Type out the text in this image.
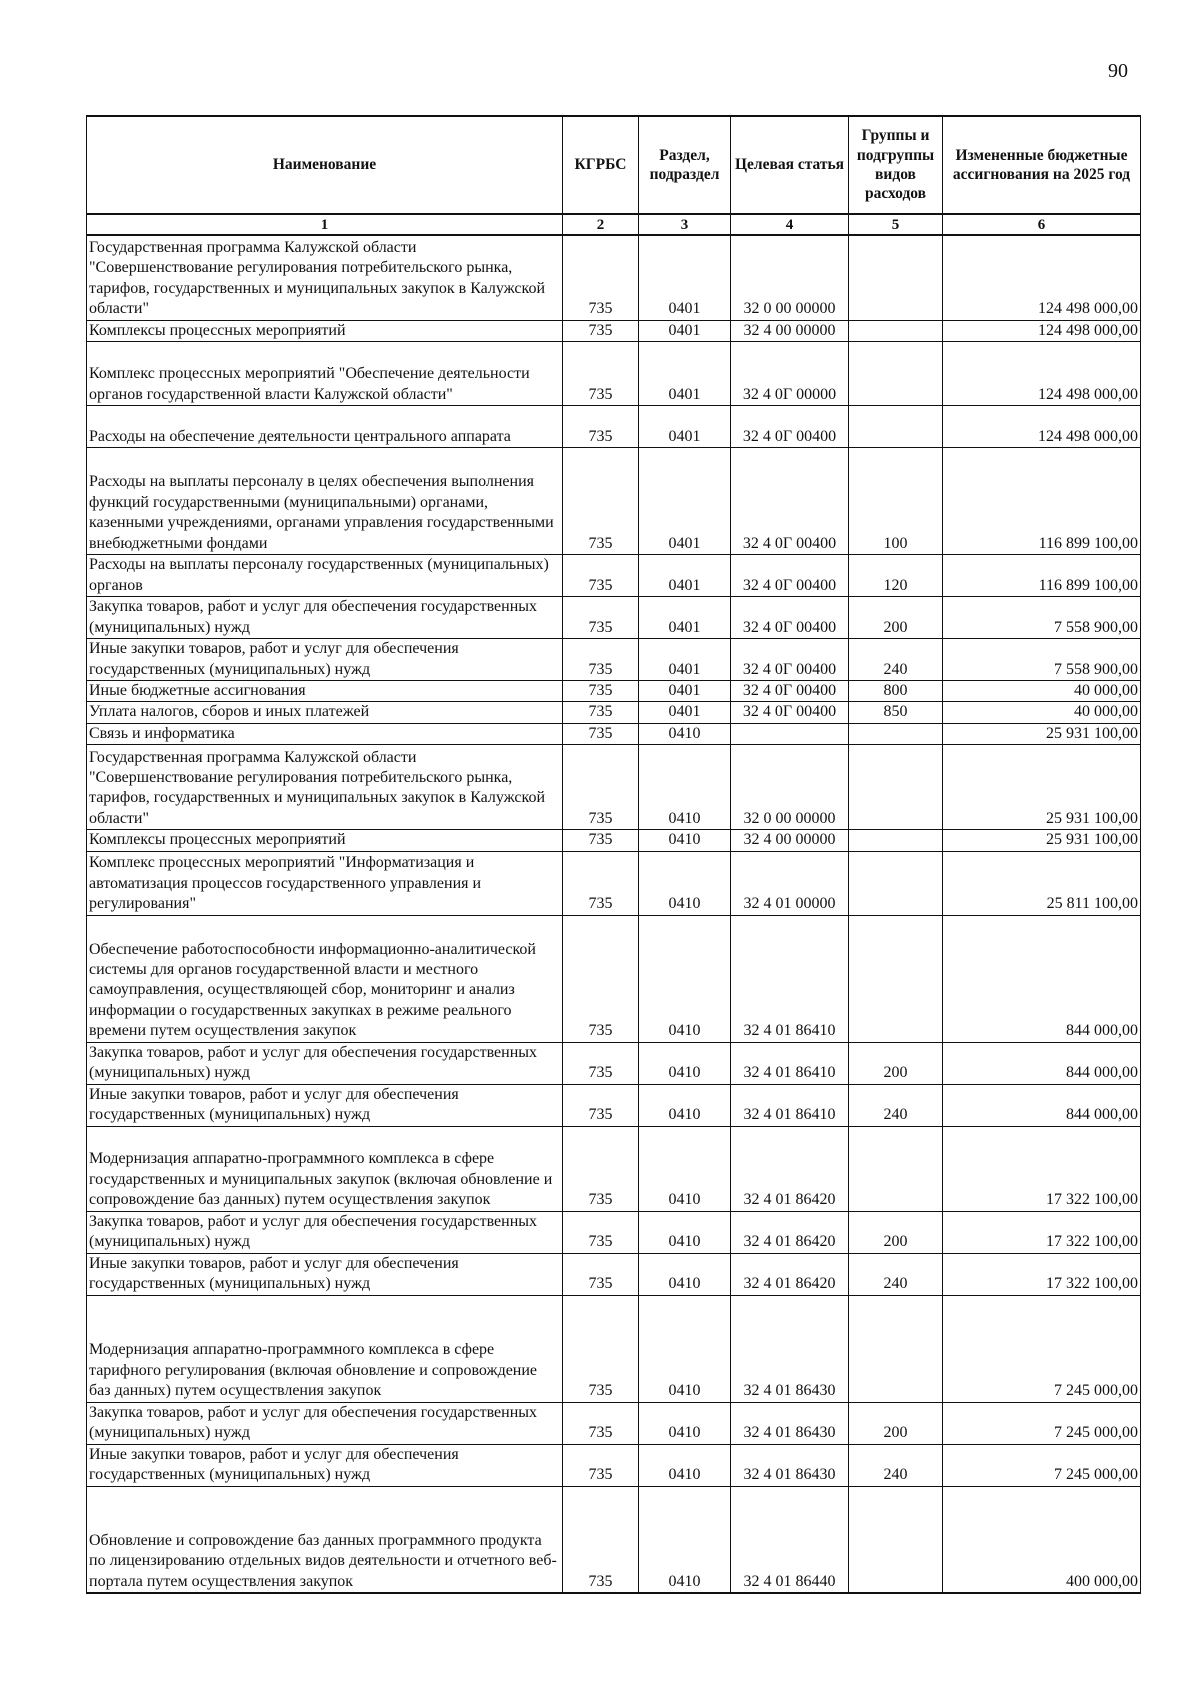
90
Наименование	КГРБС	Раздел, подраздел	Целевая статья	Группы и подгруппы видов расходов	Измененные бюджетные ассигнования на 2025 год
1	2	3	4	5	6
Государственная программа Калужской области "Совершенствование регулирования потребительского рынка, тарифов, государственных и муниципальных закупок в Калужской области"	735	0401	32 0 00 00000		124 498 000,00
Комплексы процессных мероприятий	735	0401	32 4 00 00000		124 498 000,00
Комплекс процессных мероприятий "Обеспечение деятельности органов государственной власти Калужской области"	735	0401	32 4 0Г 00000		124 498 000,00
Расходы на обеспечение деятельности центрального аппарата	735	0401	32 4 0Г 00400		124 498 000,00
Расходы на выплаты персоналу в целях обеспечения выполнения функций государственными (муниципальными) органами, казенными учреждениями, органами управления государственными внебюджетными фондами	735	0401	32 4 0Г 00400	100	116 899 100,00
Расходы на выплаты персоналу государственных (муниципальных) органов	735	0401	32 4 0Г 00400	120	116 899 100,00
Закупка товаров, работ и услуг для обеспечения государственных (муниципальных) нужд	735	0401	32 4 0Г 00400	200	7 558 900,00
Иные закупки товаров, работ и услуг для обеспечения государственных (муниципальных) нужд	735	0401	32 4 0Г 00400	240	7 558 900,00
Иные бюджетные ассигнования	735	0401	32 4 0Г 00400	800	40 000,00
Уплата налогов, сборов и иных платежей	735	0401	32 4 0Г 00400	850	40 000,00
Связь и информатика	735	0410			25 931 100,00
Государственная программа Калужской области "Совершенствование регулирования потребительского рынка, тарифов, государственных и муниципальных закупок в Калужской области"	735	0410	32 0 00 00000		25 931 100,00
Комплексы процессных мероприятий	735	0410	32 4 00 00000		25 931 100,00
Комплекс процессных мероприятий "Информатизация и автоматизация процессов государственного управления и регулирования"	735	0410	32 4 01 00000		25 811 100,00
Обеспечение работоспособности информационно-аналитической системы для органов государственной власти и местного самоуправления, осуществляющей сбор, мониторинг и анализ информации о государственных закупках в режиме реального времени путем осуществления закупок	735	0410	32 4 01 86410		844 000,00
Закупка товаров, работ и услуг для обеспечения государственных (муниципальных) нужд	735	0410	32 4 01 86410	200	844 000,00
Иные закупки товаров, работ и услуг для обеспечения государственных (муниципальных) нужд	735	0410	32 4 01 86410	240	844 000,00
Модернизация аппаратно-программного комплекса в сфере государственных и муниципальных закупок (включая обновление и сопровождение баз данных) путем осуществления закупок	735	0410	32 4 01 86420		17 322 100,00
Закупка товаров, работ и услуг для обеспечения государственных (муниципальных) нужд	735	0410	32 4 01 86420	200	17 322 100,00
Иные закупки товаров, работ и услуг для обеспечения государственных (муниципальных) нужд	735	0410	32 4 01 86420	240	17 322 100,00
Модернизация аппаратно-программного комплекса в сфере тарифного регулирования (включая обновление и сопровождение баз данных) путем осуществления закупок	735	0410	32 4 01 86430		7 245 000,00
Закупка товаров, работ и услуг для обеспечения государственных (муниципальных) нужд	735	0410	32 4 01 86430	200	7 245 000,00
Иные закупки товаров, работ и услуг для обеспечения государственных (муниципальных) нужд	735	0410	32 4 01 86430	240	7 245 000,00
Обновление и сопровождение баз данных программного продукта по лицензированию отдельных видов деятельности и отчетного веб-портала путем осуществления закупок	735	0410	32 4 01 86440		400 000,00
